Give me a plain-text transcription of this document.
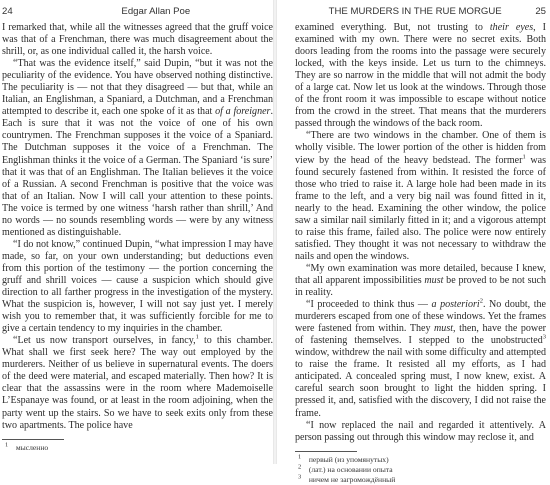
24	Edgar Allan Poe

I remarked that, while all the witnesses agreed that the gruff voice was that of a Frenchman, there was much disagreement about the shrill, or, as one individual called it, the harsh voice.

“That was the evidence itself,” said Dupin, “but it was not the peculiarity of the evidence. You have observed nothing distinctive. The peculiarity is — not that they disagreed — but that, while an Italian, an Englishman, a Spaniard, a Dutchman, and a Frenchman attempted to describe it, each one spoke of it as that of a foreigner. Each is sure that it was not the voice of one of his own countrymen. The Frenchman supposes it the voice of a Spaniard. The Dutchman supposes it the voice of a Frenchman. The Englishman thinks it the voice of a German. The Spaniard ‘is sure’ that it was that of an Englishman. The Italian believes it the voice of a Russian. A second Frenchman is positive that the voice was that of an Italian. Now I will call your attention to these points. The voice is termed by one witness ‘harsh rather than shrill,’ And no words — no sounds resembling words — were by any witness mentioned as distinguishable.

“I do not know,” continued Dupin, “what impression I may have made, so far, on your own understanding; but deductions even from this portion of the testimony — the portion concerning the gruff and shrill voices — cause a suspicion which should give direction to all farther progress in the investigation of the mystery. What the suspicion is, however, I will not say just yet. I merely wish you to remember that, it was sufficiently forcible for me to give a certain tendency to my inquiries in the chamber.

“Let us now transport ourselves, in fancy,$^1$ to this chamber. What shall we first seek here? The way out employed by the murderers. Neither of us believe in supernatural events. The doers of the deed were material, and escaped materially. Then how? It is clear that the assassins were in the room where Mademoiselle L’Espanaye was found, or at least in the room adjoining, when the party went up the stairs. So we have to seek exits only from these two apartments. The police have

$^1$  мысленно

THE MURDERS IN THE RUE MORGUE	25

examined everything. But, not trusting to their eyes, I examined with my own. There were no secret exits. Both doors leading from the rooms into the passage were securely locked, with the keys inside. Let us turn to the chimneys. They are so narrow in the middle that will not admit the body of a large cat. Now let us look at the windows. Through those of the front room it was impossible to escape without notice from the crowd in the street. That means that the murderers passed through the windows of the back room.

“There are two windows in the chamber. One of them is wholly visible. The lower portion of the other is hidden from view by the head of the heavy bedstead. The former$^1$ was found securely fastened from within. It resisted the force of those who tried to raise it. A large hole had been made in its frame to the left, and a very big nail was found fitted in it, nearly to the head. Examining the other window, the police saw a similar nail similarly fitted in it; and a vigorous attempt to raise this frame, failed also. The police were now entirely satisfied. They thought it was not necessary to withdraw the nails and open the windows.

“My own examination was more detailed, because I knew, that all apparent impossibilities must be proved to be not such in reality.

“I proceeded to think thus — a posteriori$^2$. No doubt, the murderers escaped from one of these windows. Yet the frames were fastened from within. They must, then, have the power of fastening themselves. I stepped to the unobstructed$^3$ window, withdrew the nail with some difficulty and attempted to raise the frame. It resisted all my efforts, as I had anticipated. A concealed spring must, I now knew, exist. A careful search soon brought to light the hidden spring. I pressed it, and, satisfied with the discovery, I did not raise the frame.

“I now replaced the nail and regarded it attentively. A person passing out through this window may reclose it, and

$^1$  первый (из упомянутых)

$^2$  (лат.) на основании опыта

$^3$  ничем не загромождённый
